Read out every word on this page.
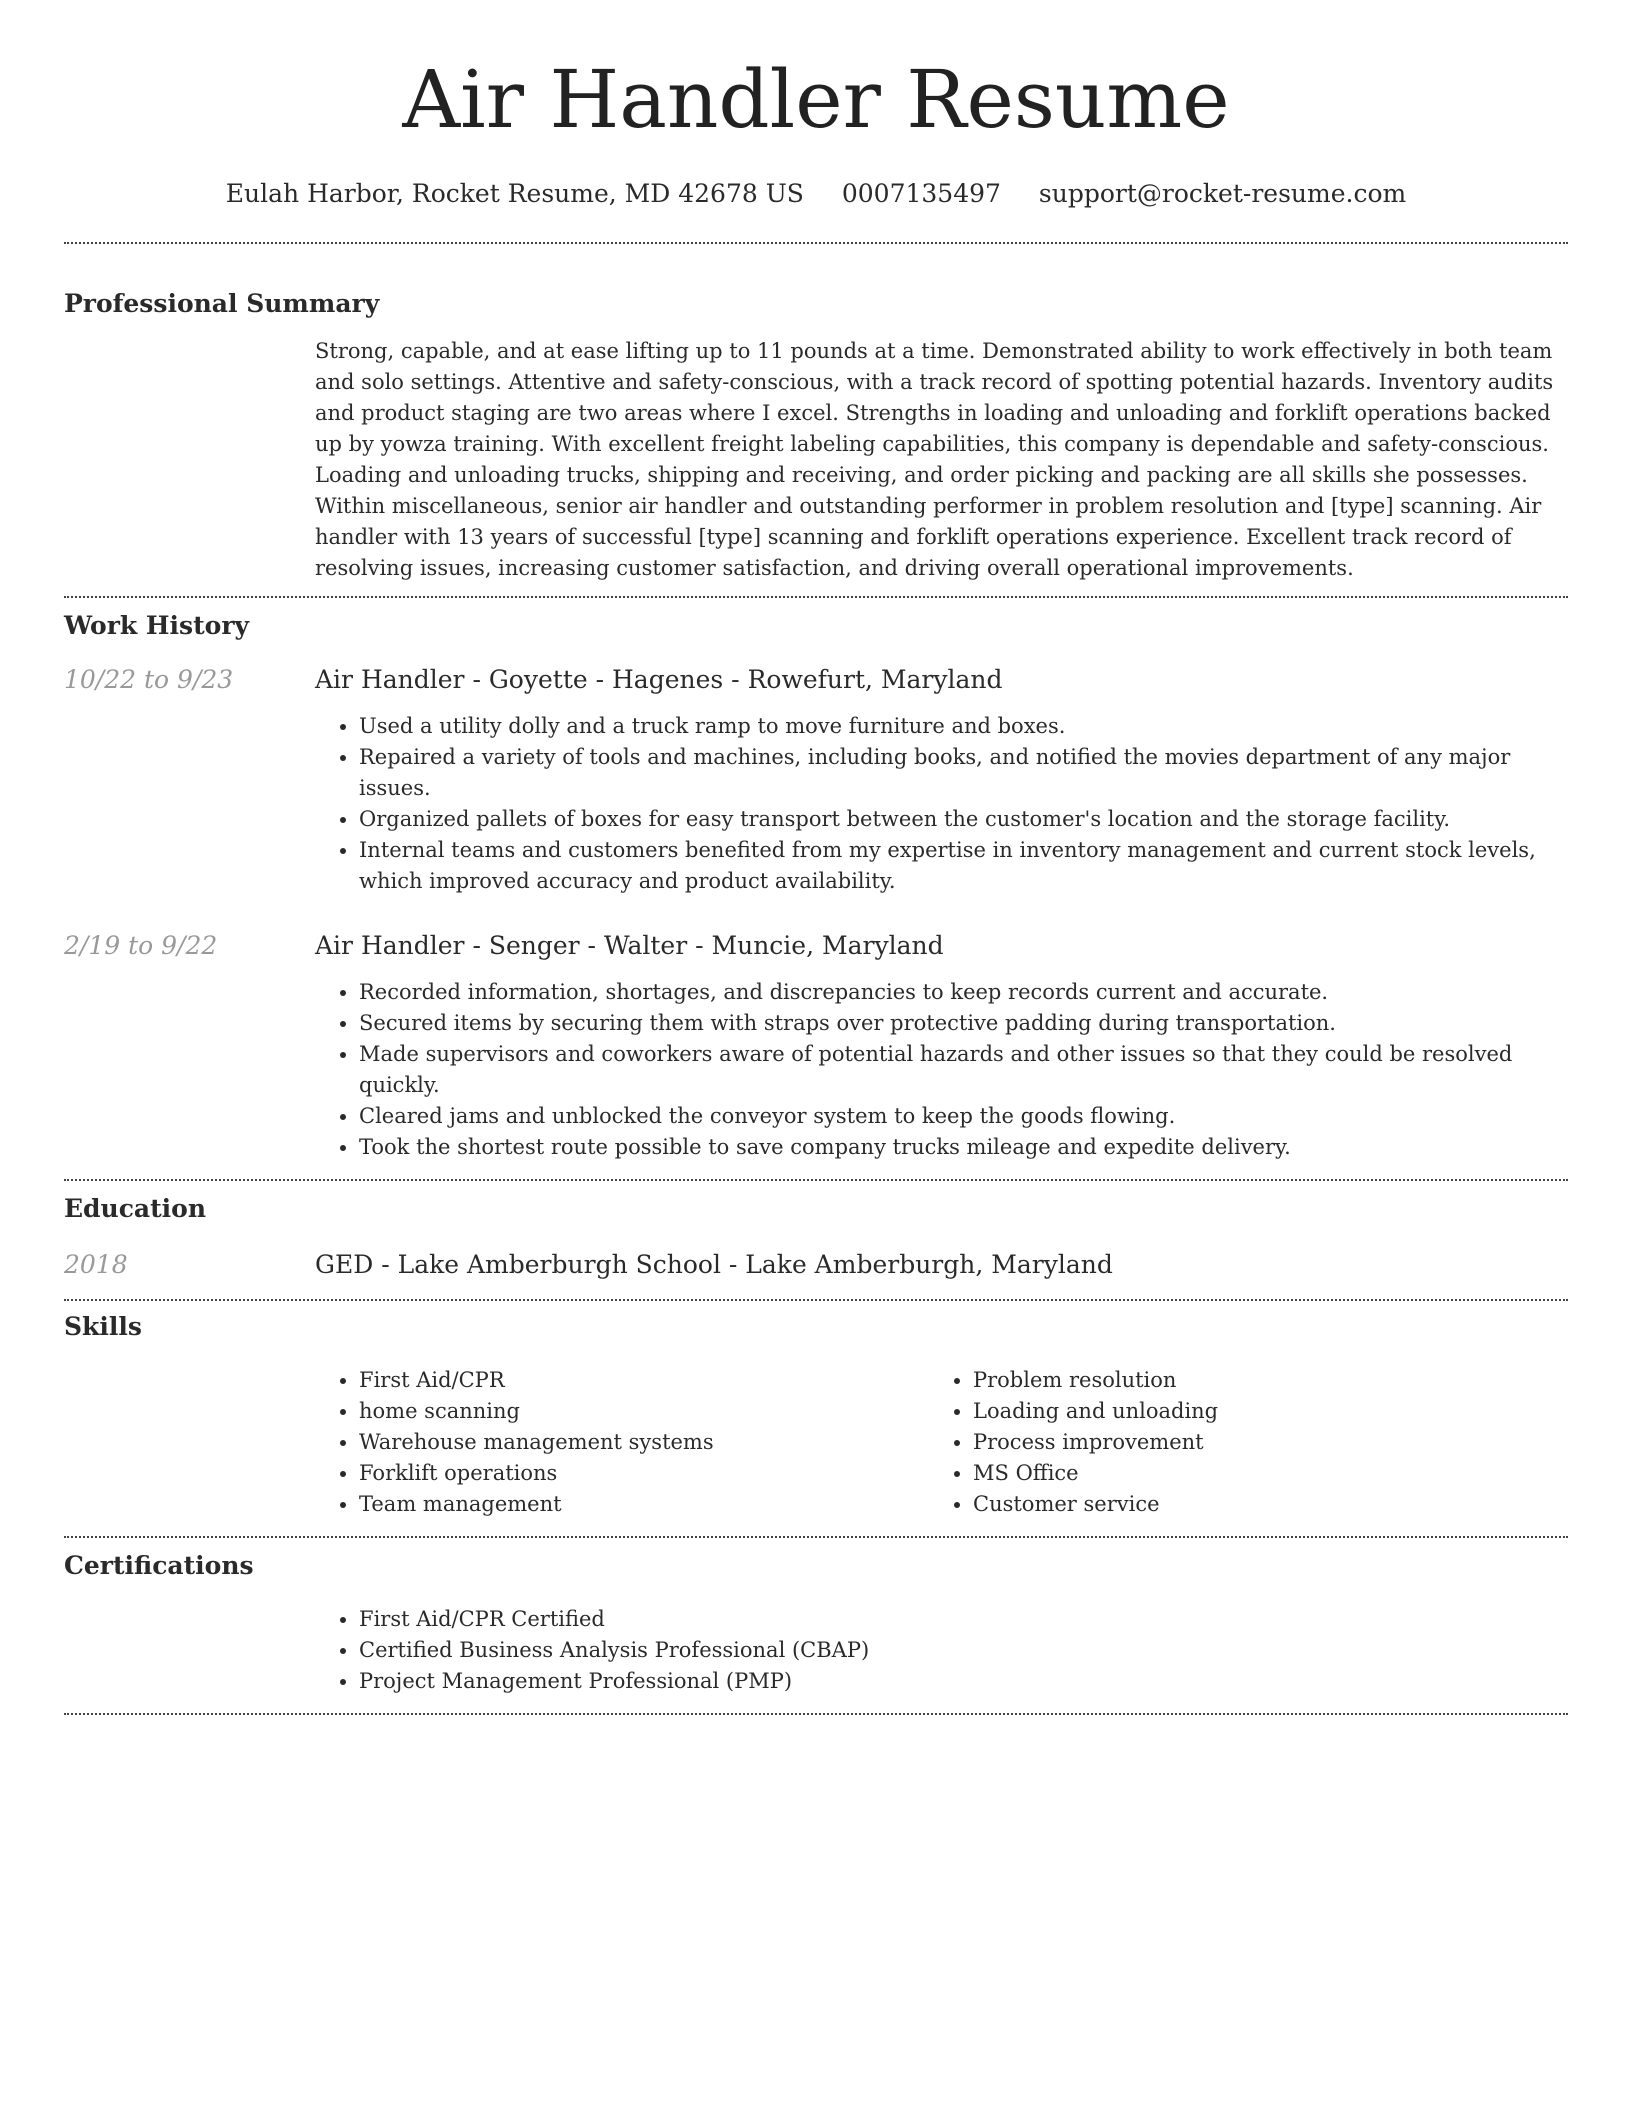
Air Handler Resume
Eulah Harbor, Rocket Resume, MD 42678 US 0007135497 support@rocket-resume.com
Professional Summary
Strong, capable, and at ease lifting up to 11 pounds at a time. Demonstrated ability to work effectively in both team and solo settings. Attentive and safety-conscious, with a track record of spotting potential hazards. Inventory audits and product staging are two areas where I excel. Strengths in loading and unloading and forklift operations backed up by yowza training. With excellent freight labeling capabilities, this company is dependable and safety-conscious. Loading and unloading trucks, shipping and receiving, and order picking and packing are all skills she possesses. Within miscellaneous, senior air handler and outstanding performer in problem resolution and [type] scanning. Air handler with 13 years of successful [type] scanning and forklift operations experience. Excellent track record of resolving issues, increasing customer satisfaction, and driving overall operational improvements.
Work History
10/22 to 9/23	Air Handler - Goyette - Hagenes - Rowefurt, Maryland
• Used a utility dolly and a truck ramp to move furniture and boxes.
• Repaired a variety of tools and machines, including books, and notified the movies department of any major issues.
• Organized pallets of boxes for easy transport between the customer's location and the storage facility.
• Internal teams and customers benefited from my expertise in inventory management and current stock levels, which improved accuracy and product availability.
2/19 to 9/22	Air Handler - Senger - Walter - Muncie, Maryland
• Recorded information, shortages, and discrepancies to keep records current and accurate.
• Secured items by securing them with straps over protective padding during transportation.
• Made supervisors and coworkers aware of potential hazards and other issues so that they could be resolved quickly.
• Cleared jams and unblocked the conveyor system to keep the goods flowing.
• Took the shortest route possible to save company trucks mileage and expedite delivery.
Education
2018	GED - Lake Amberburgh School - Lake Amberburgh, Maryland
Skills
• First Aid/CPR
• home scanning
• Warehouse management systems
• Forklift operations
• Team management
• Problem resolution
• Loading and unloading
• Process improvement
• MS Office
• Customer service
Certifications
• First Aid/CPR Certified
• Certified Business Analysis Professional (CBAP)
• Project Management Professional (PMP)
